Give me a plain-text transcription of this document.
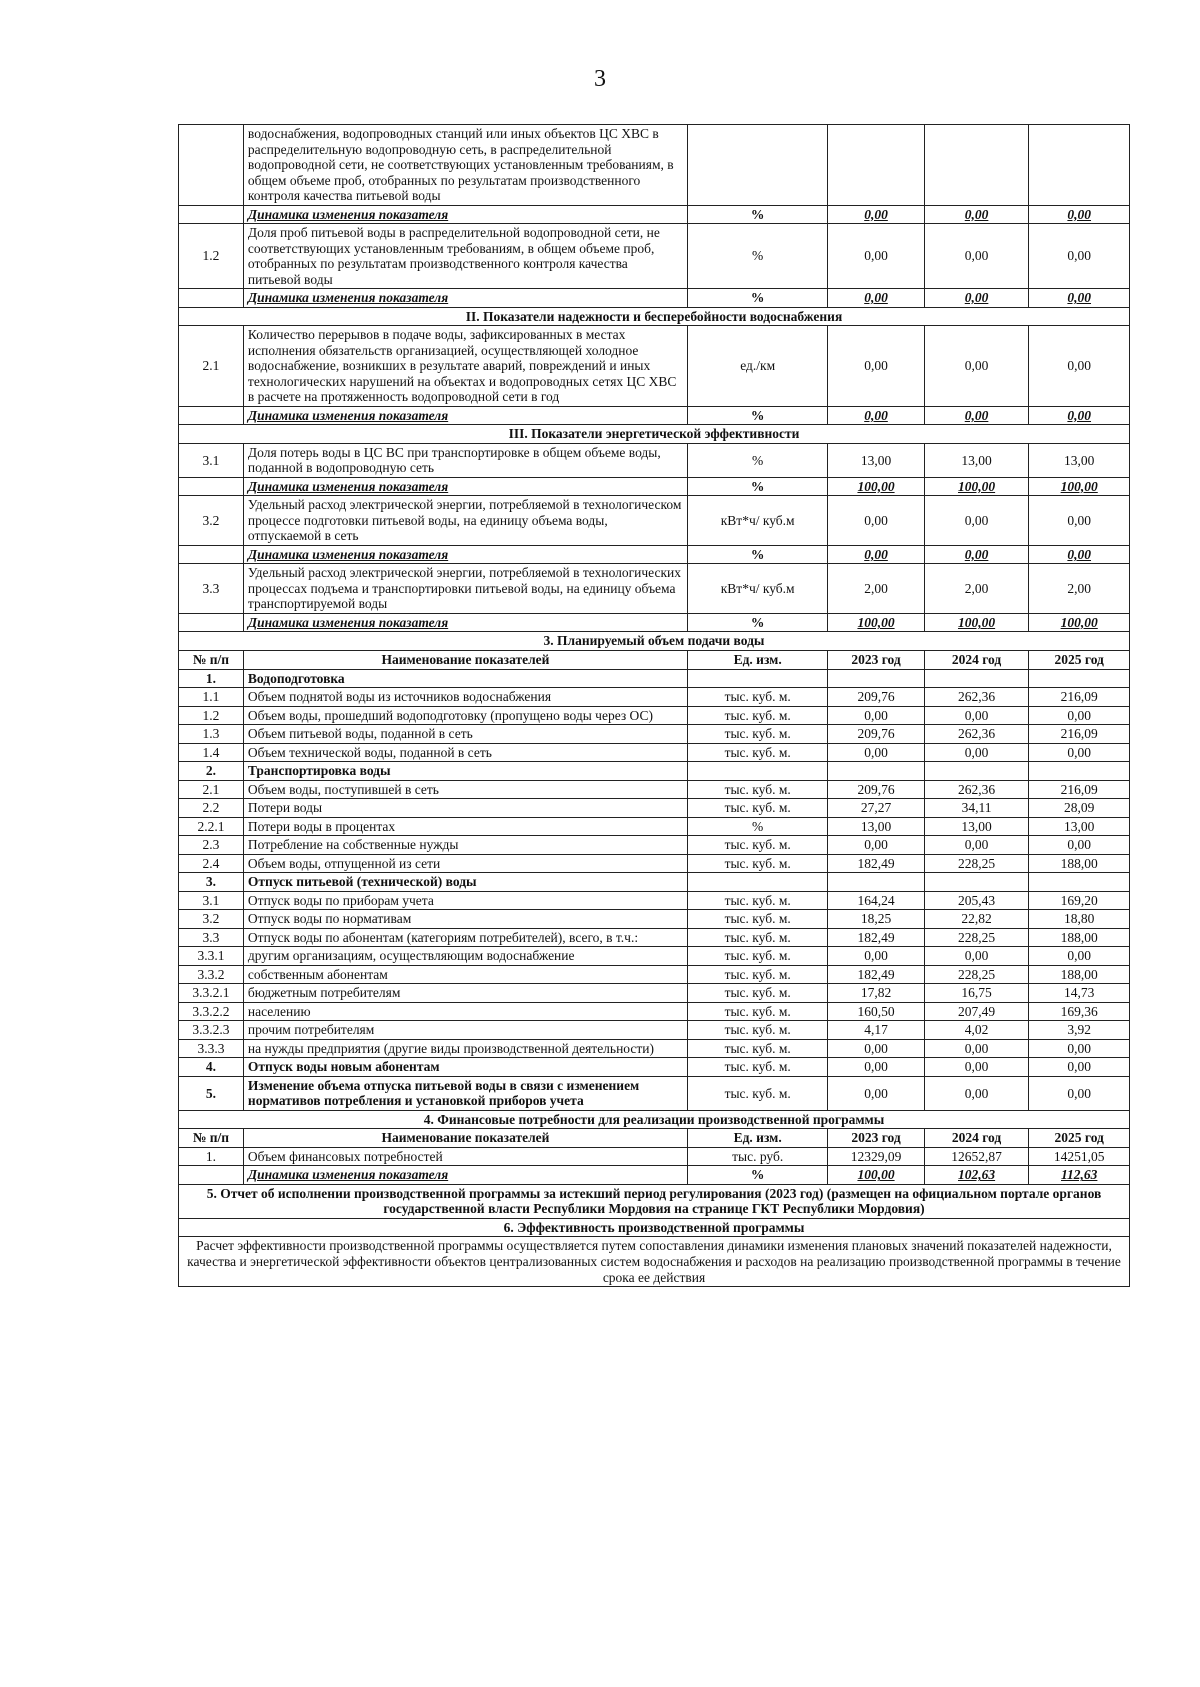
3
	водоснабжения, водопроводных станций или иных объектов ЦС ХВС в распределительную водопроводную сеть, в распределительной водопроводной сети, не соответствующих установленным требованиям, в общем объеме проб, отобранных по результатам производственного контроля качества питьевой воды				
	Динамика изменения показателя	%	0,00	0,00	0,00
1.2	Доля проб питьевой воды в распределительной водопроводной сети, не соответствующих установленным требованиям, в общем объеме проб, отобранных по результатам производственного контроля качества питьевой воды	%	0,00	0,00	0,00
	Динамика изменения показателя	%	0,00	0,00	0,00
II. Показатели надежности и бесперебойности водоснабжения					
2.1	Количество перерывов в подаче воды, зафиксированных в местах исполнения обязательств организацией, осуществляющей холодное водоснабжение, возникших в результате аварий, повреждений и иных технологических нарушений на объектах и водопроводных сетях ЦС ХВС в расчете на протяженность водопроводной сети в год	ед./км	0,00	0,00	0,00
	Динамика изменения показателя	%	0,00	0,00	0,00
III. Показатели энергетической эффективности					
3.1	Доля потерь воды в ЦС ВС при транспортировке в общем объеме воды, поданной в водопроводную сеть	%	13,00	13,00	13,00
	Динамика изменения показателя	%	100,00	100,00	100,00
3.2	Удельный расход электрической энергии, потребляемой в технологическом процессе подготовки питьевой воды, на единицу объема воды, отпускаемой в сеть	кВт*ч/ куб.м	0,00	0,00	0,00
	Динамика изменения показателя	%	0,00	0,00	0,00
3.3	Удельный расход электрической энергии, потребляемой в технологических процессах подъема и транспортировки питьевой воды, на единицу объема транспортируемой воды	кВт*ч/ куб.м	2,00	2,00	2,00
	Динамика изменения показателя	%	100,00	100,00	100,00
3. Планируемый объем подачи воды					
№ п/п	Наименование показателей	Ед. изм.	2023 год	2024 год	2025 год
1.	Водоподготовка				
1.1	Объем поднятой воды из источников водоснабжения	тыс. куб. м.	209,76	262,36	216,09
1.2	Объем воды, прошедший водоподготовку (пропущено воды через ОС)	тыс. куб. м.	0,00	0,00	0,00
1.3	Объем питьевой воды, поданной в сеть	тыс. куб. м.	209,76	262,36	216,09
1.4	Объем технической воды, поданной в сеть	тыс. куб. м.	0,00	0,00	0,00
2.	Транспортировка воды				
2.1	Объем воды, поступившей в сеть	тыс. куб. м.	209,76	262,36	216,09
2.2	Потери воды	тыс. куб. м.	27,27	34,11	28,09
2.2.1	Потери воды в процентах	%	13,00	13,00	13,00
2.3	Потребление на собственные нужды	тыс. куб. м.	0,00	0,00	0,00
2.4	Объем воды, отпущенной из сети	тыс. куб. м.	182,49	228,25	188,00
3.	Отпуск питьевой (технической) воды				
3.1	Отпуск воды по приборам учета	тыс. куб. м.	164,24	205,43	169,20
3.2	Отпуск воды по нормативам	тыс. куб. м.	18,25	22,82	18,80
3.3	Отпуск воды по абонентам (категориям потребителей), всего, в т.ч.:	тыс. куб. м.	182,49	228,25	188,00
3.3.1	другим организациям, осуществляющим водоснабжение	тыс. куб. м.	0,00	0,00	0,00
3.3.2	собственным абонентам	тыс. куб. м.	182,49	228,25	188,00
3.3.2.1	бюджетным потребителям	тыс. куб. м.	17,82	16,75	14,73
3.3.2.2	населению	тыс. куб. м.	160,50	207,49	169,36
3.3.2.3	прочим потребителям	тыс. куб. м.	4,17	4,02	3,92
3.3.3	на нужды предприятия (другие виды производственной деятельности)	тыс. куб. м.	0,00	0,00	0,00
4.	Отпуск воды новым абонентам	тыс. куб. м.	0,00	0,00	0,00
5.	Изменение объема отпуска питьевой воды в связи с изменением нормативов потребления и установкой приборов учета	тыс. куб. м.	0,00	0,00	0,00
4. Финансовые потребности для реализации производственной программы					
№ п/п	Наименование показателей	Ед. изм.	2023 год	2024 год	2025 год
1.	Объем финансовых потребностей	тыс. руб.	12329,09	12652,87	14251,05
	Динамика изменения показателя	%	100,00	102,63	112,63
5. Отчет об исполнении производственной программы за истекший период регулирования (2023 год) (размещен на официальном портале органов государственной власти Республики Мордовия на странице ГКТ Республики Мордовия)					
6. Эффективность производственной программы					
Расчет эффективности производственной программы осуществляется путем сопоставления динамики изменения плановых значений показателей надежности, качества и энергетической эффективности объектов централизованных систем водоснабжения и расходов на реализацию производственной программы в течение срока ее действия					
